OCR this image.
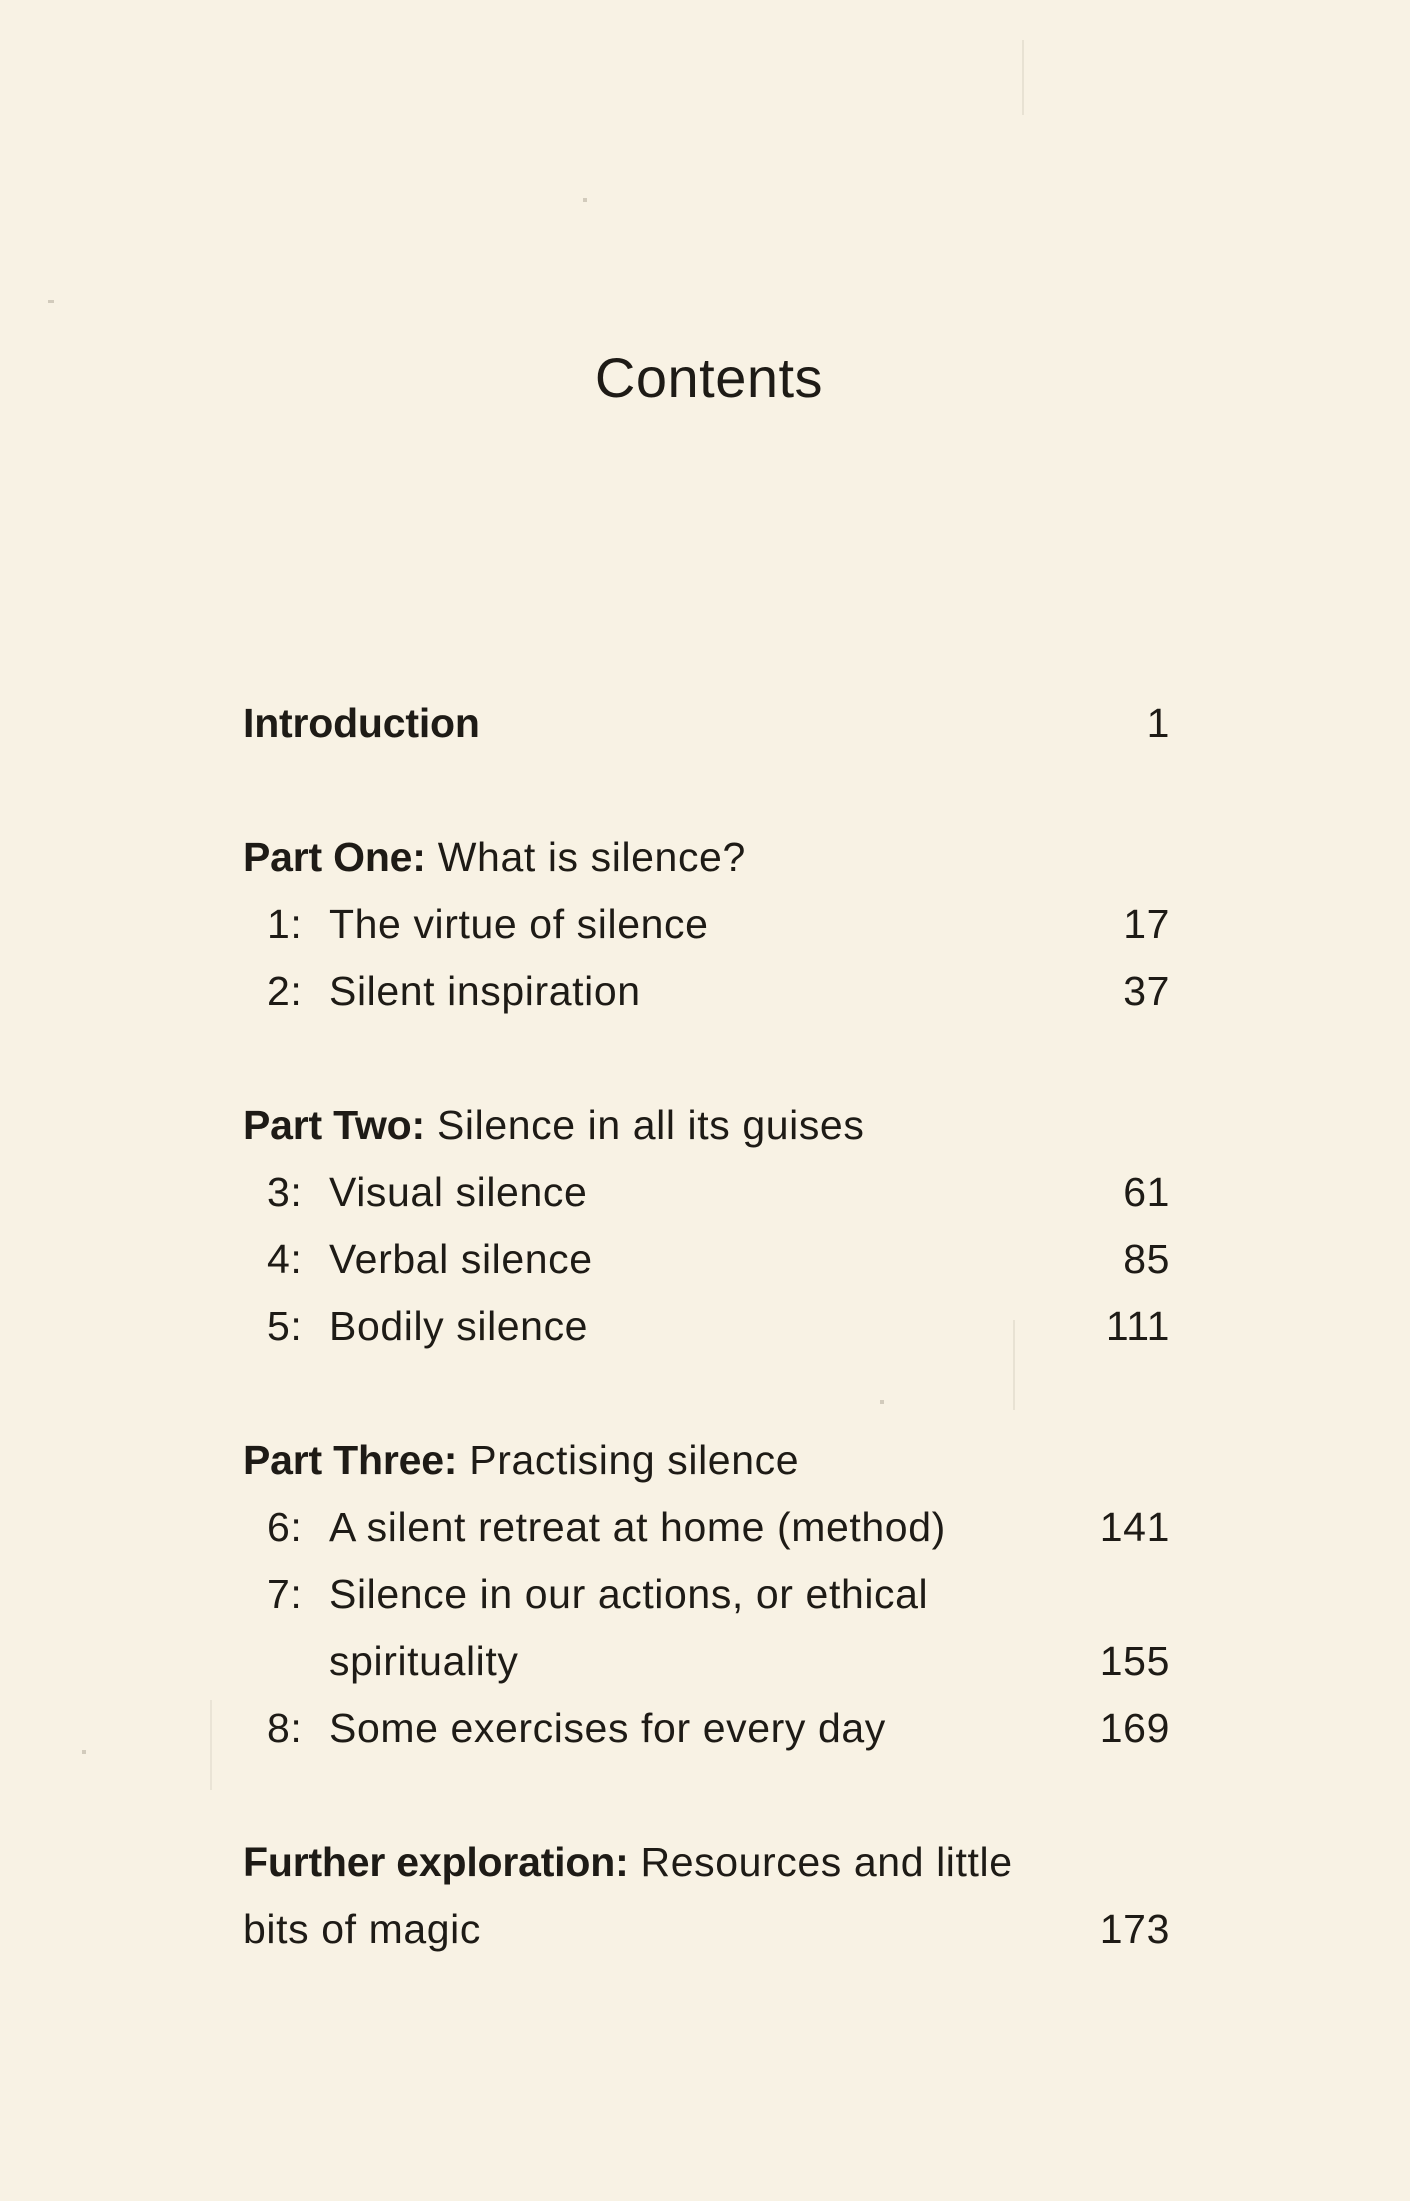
Contents
Introduction	1
Part One: What is silence?
1: The virtue of silence	17
2: Silent inspiration	37
Part Two: Silence in all its guises
3: Visual silence	61
4: Verbal silence	85
5: Bodily silence	111
Part Three: Practising silence
6: A silent retreat at home (method)	141
7: Silence in our actions, or ethical
spirituality	155
8: Some exercises for every day	169
Further exploration: Resources and little
bits of magic	173
